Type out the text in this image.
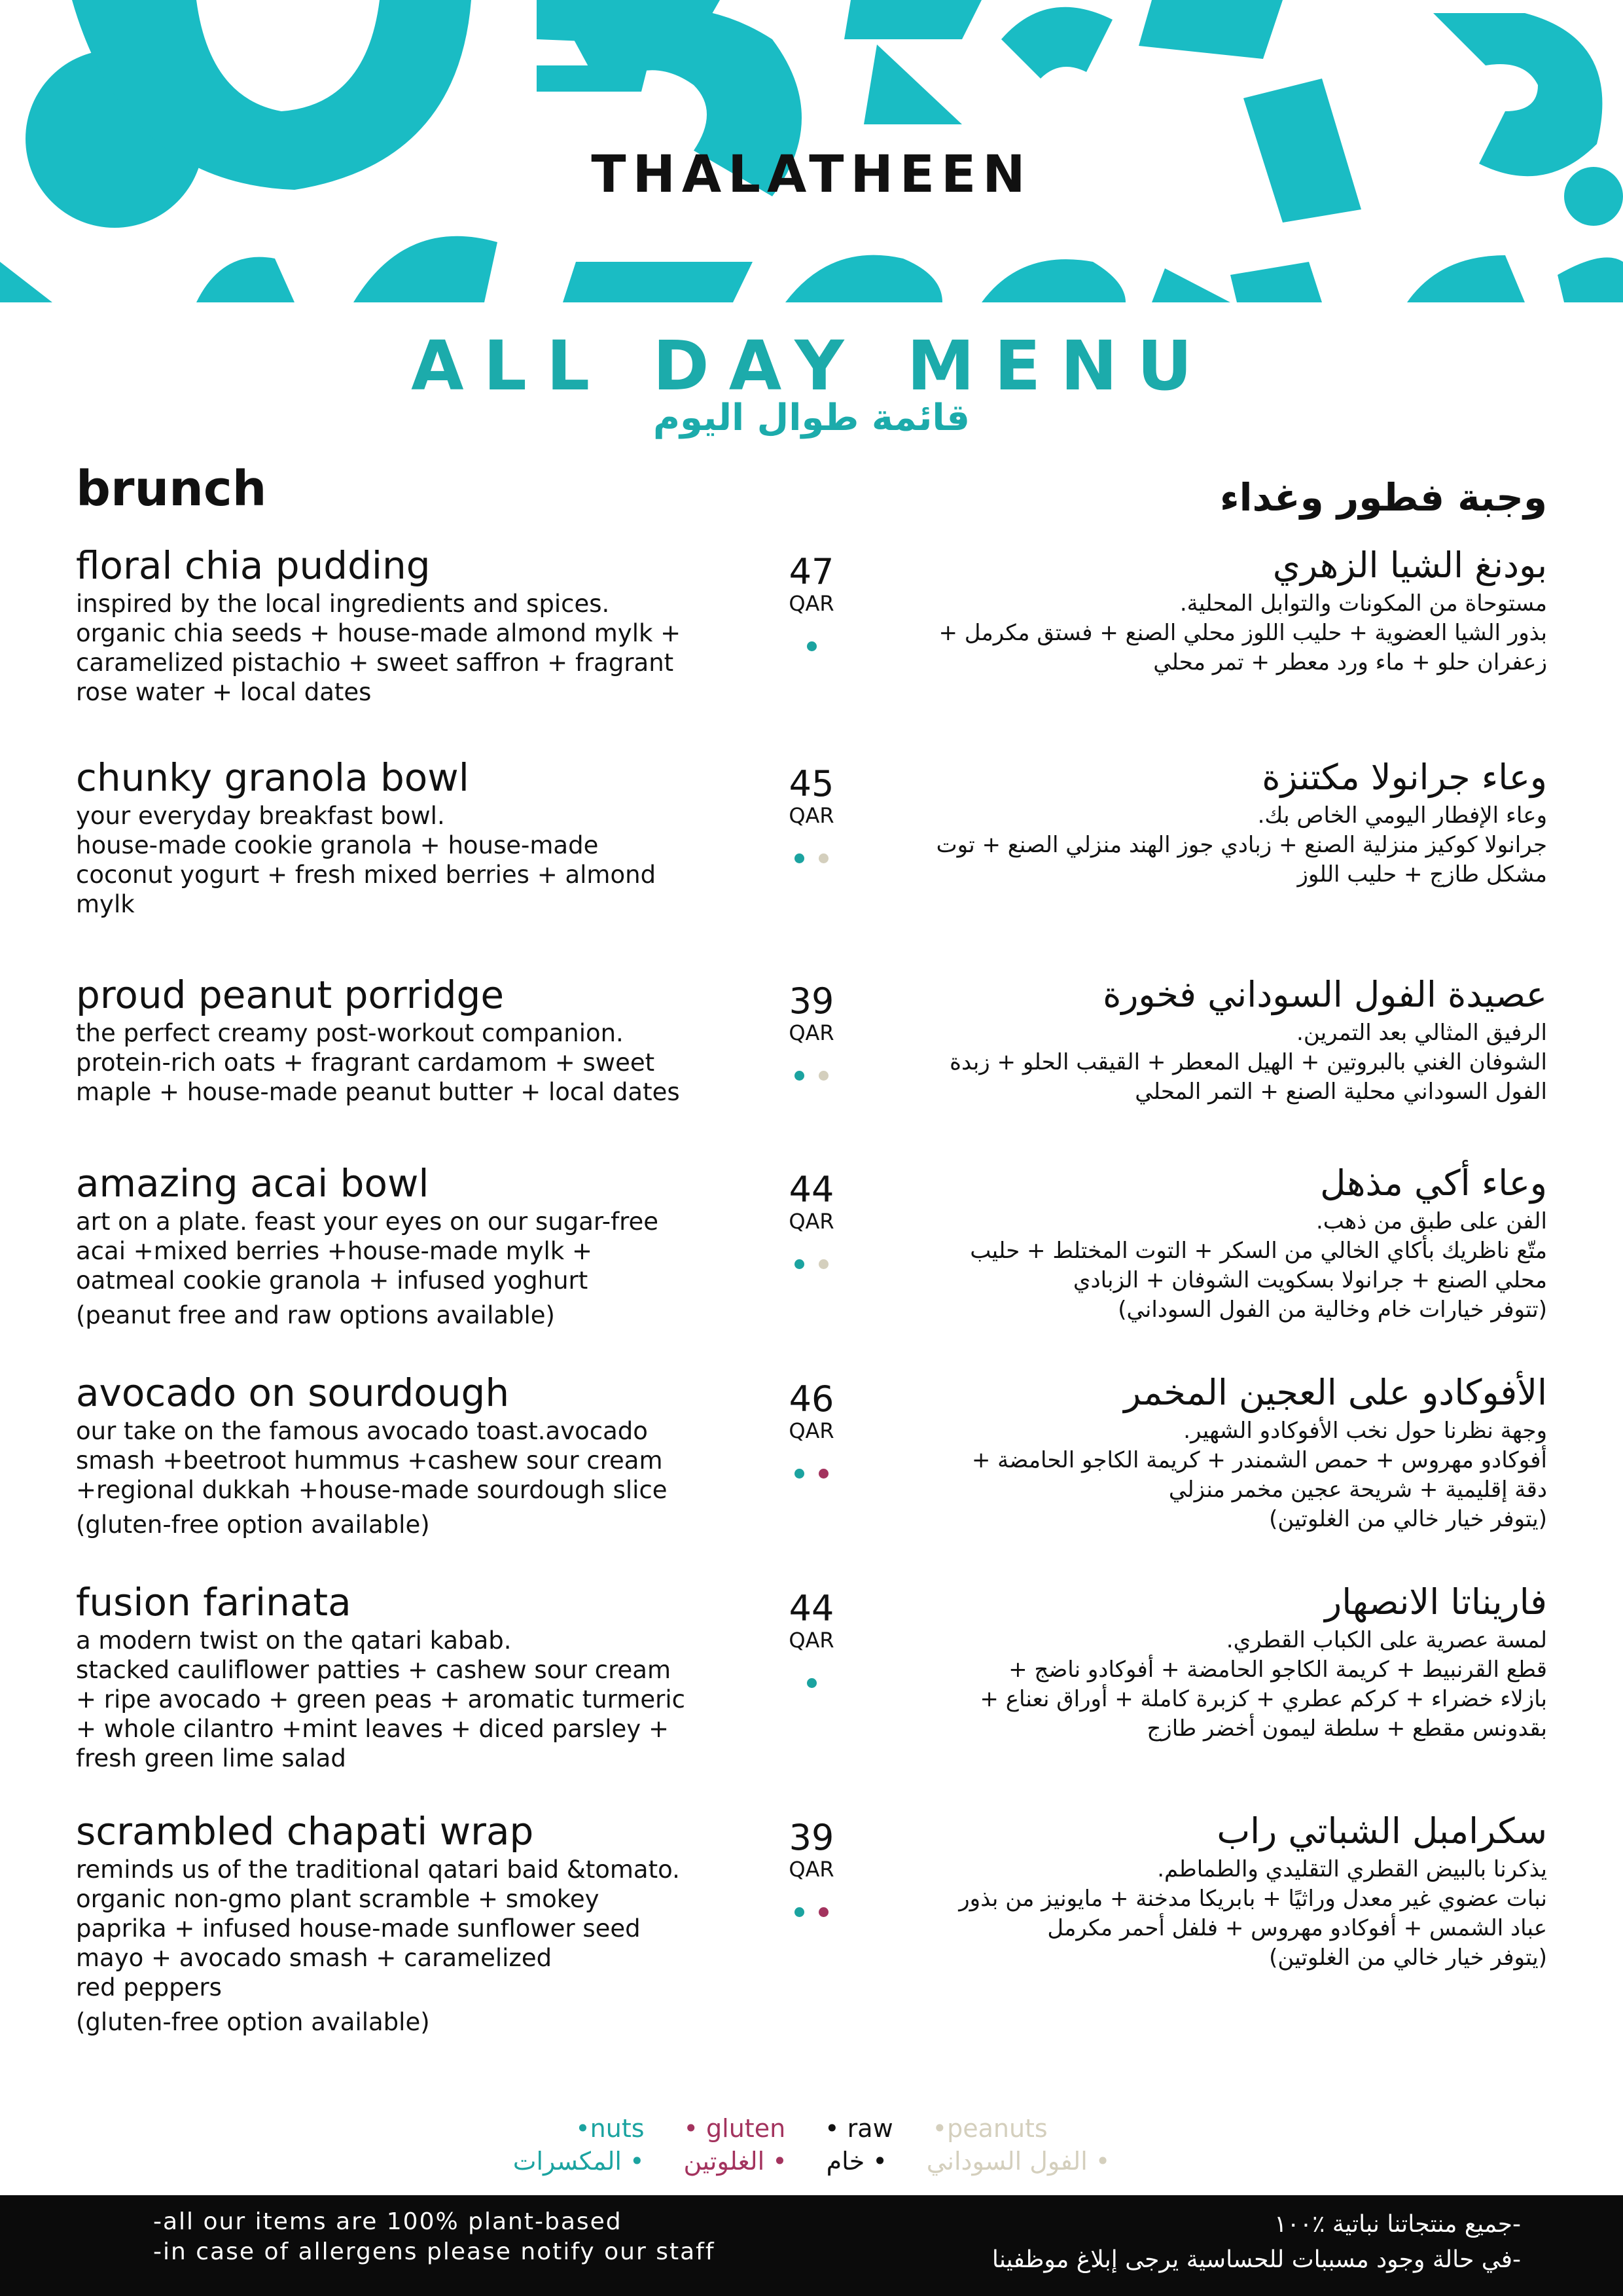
THALATHEEN
ALL DAY MENU
قائمة طوال اليوم
brunch	وجبة فطور وغداء
floral chia pudding
inspired by the local ingredients and spices.
organic chia seeds + house-made almond mylk +
caramelized pistachio + sweet saffron + fragrant
rose water + local dates
47
QAR
بودنغ الشيا الزهري
مستوحاة من المكونات والتوابل المحلية.
بذور الشيا العضوية + حليب اللوز محلي الصنع + فستق مكرمل +
زعفران حلو + ماء ورد معطر + تمر محلي
chunky granola bowl
your everyday breakfast bowl.
house-made cookie granola + house-made
coconut yogurt + fresh mixed berries + almond
mylk
45
QAR
وعاء جرانولا مكتنزة
وعاء الإفطار اليومي الخاص بك.
جرانولا كوكيز منزلية الصنع + زبادي جوز الهند منزلي الصنع + توت
مشكل طازج + حليب اللوز
proud peanut porridge
the perfect creamy post-workout companion.
protein-rich oats + fragrant cardamom + sweet
maple + house-made peanut butter + local dates
39
QAR
عصيدة الفول السوداني فخورة
الرفيق المثالي بعد التمرين.
الشوفان الغني بالبروتين + الهيل المعطر + القيقب الحلو + زبدة
الفول السوداني محلية الصنع + التمر المحلي
amazing acai bowl
art on a plate. feast your eyes on our sugar-free
acai +mixed berries +house-made mylk +
oatmeal cookie granola + infused yoghurt
(peanut free and raw options available)
44
QAR
وعاء أكي مذهل
الفن على طبق من ذهب.
متّع ناظريك بأكاي الخالي من السكر + التوت المختلط + حليب
محلي الصنع + جرانولا بسكويت الشوفان + الزبادي
(تتوفر خيارات خام وخالية من الفول السوداني)
avocado on sourdough
our take on the famous avocado toast.avocado
smash +beetroot hummus +cashew sour cream
+regional dukkah +house-made sourdough slice
(gluten-free option available)
46
QAR
الأفوكادو على العجين المخمر
وجهة نظرنا حول نخب الأفوكادو الشهير.
أفوكادو مهروس + حمص الشمندر + كريمة الكاجو الحامضة +
دقة إقليمية + شريحة عجين مخمر منزلي
(يتوفر خيار خالي من الغلوتين)
fusion farinata
a modern twist on the qatari kabab.
stacked cauliflower patties + cashew sour cream
+ ripe avocado + green peas + aromatic turmeric
+ whole cilantro +mint leaves + diced parsley +
fresh green lime salad
44
QAR
فاريناتا الانصهار
لمسة عصرية على الكباب القطري.
قطع القرنبيط + كريمة الكاجو الحامضة + أفوكادو ناضج +
بازلاء خضراء + كركم عطري + كزبرة كاملة + أوراق نعناع +
بقدونس مقطع + سلطة ليمون أخضر طازج
scrambled chapati wrap
reminds us of the traditional qatari baid &tomato.
organic non-gmo plant scramble + smokey
paprika + infused house-made sunflower seed
mayo + avocado smash + caramelized
red peppers
(gluten-free option available)
39
QAR
سكرامبل الشباتي راب
يذكرنا بالبيض القطري التقليدي والطماطم.
نبات عضوي غير معدل وراثيًا + بابريكا مدخنة + مايونيز من بذور
عباد الشمس + أفوكادو مهروس + فلفل أحمر مكرمل
(يتوفر خيار خالي من الغلوتين)
•nuts • gluten • raw •peanuts
• الفول السوداني
• خام
• الغلوتين
• المكسرات
-all our items are 100% plant-based
-in case of allergens please notify our staff
-جميع منتجاتنا نباتية ٪١٠٠
-في حالة وجود مسببات للحساسية يرجى إبلاغ موظفينا
